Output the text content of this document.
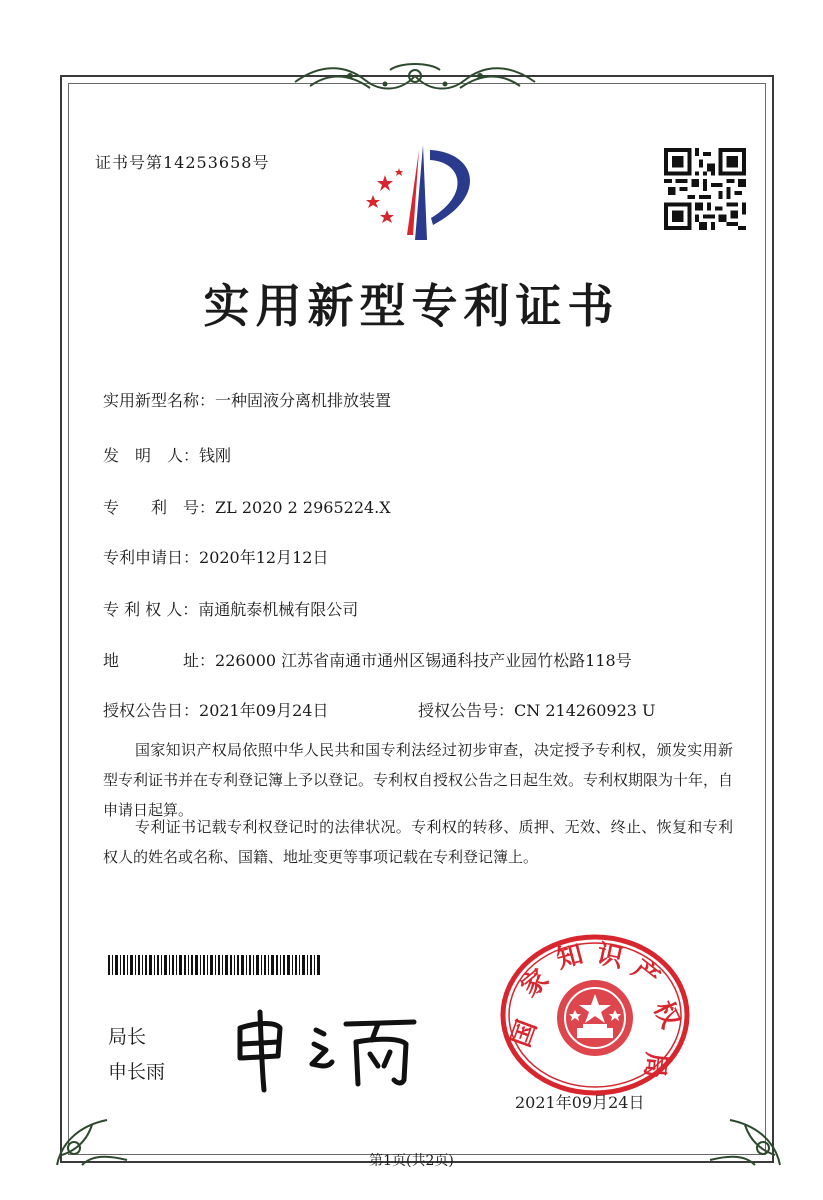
证书号第14253658号
实用新型专利证书
实用新型名称：一种固液分离机排放装置
发　明　人：钱刚
专　　利　号：ZL 2020 2 2965224.X
专利申请日：2020年12月12日
专 利 权 人：南通航泰机械有限公司
地　　　　址：226000 江苏省南通市通州区锡通科技产业园竹松路118号
授权公告日：2021年09月24日	授权公告号：CN 214260923 U
国家知识产权局依照中华人民共和国专利法经过初步审查，决定授予专利权，颁发实用新型专利证书并在专利登记簿上予以登记。专利权自授权公告之日起生效。专利权期限为十年，自申请日起算。
专利证书记载专利权登记时的法律状况。专利权的转移、质押、无效、终止、恢复和专利权人的姓名或名称、国籍、地址变更等事项记载在专利登记簿上。
局长
申长雨
国
家
知 识 产
权
局
2021年09月24日
第1页(共2页)
